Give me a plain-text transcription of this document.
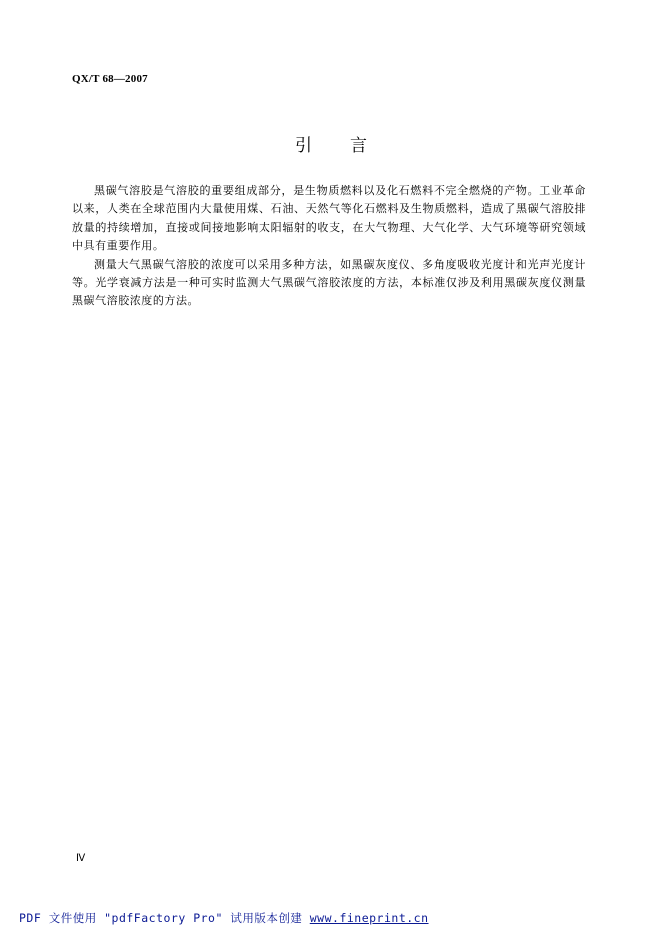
QX/T 68—2007
引言

黑碳气溶胶是气溶胶的重要组成部分，是生物质燃料以及化石燃料不完全燃烧的产物。工业革命以来，人类在全球范围内大量使用煤、石油、天然气等化石燃料及生物质燃料，造成了黑碳气溶胶排放量的持续增加，直接或间接地影响太阳辐射的收支，在大气物理、大气化学、大气环境等研究领域中具有重要作用。

测量大气黑碳气溶胶的浓度可以采用多种方法，如黑碳灰度仪、多角度吸收光度计和光声光度计等。光学衰减方法是一种可实时监测大气黑碳气溶胶浓度的方法，本标准仅涉及利用黑碳灰度仪测量黑碳气溶胶浓度的方法。

Ⅳ
PDF 文件使用 "pdfFactory Pro" 试用版本创建 www.fineprint.cn
